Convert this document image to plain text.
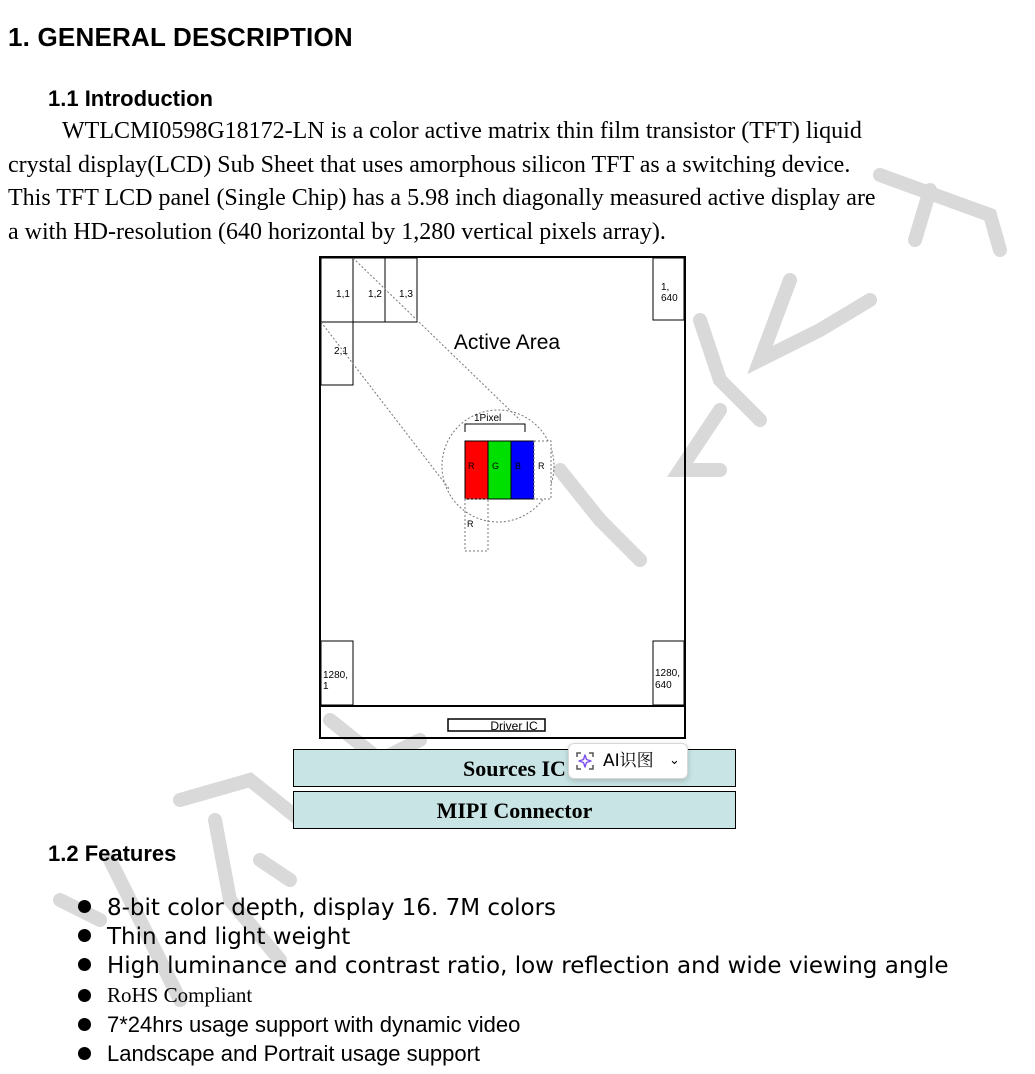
1. GENERAL DESCRIPTION
1.1 Introduction
WTLCMI0598G18172-LN is a color active matrix thin film transistor (TFT) liquid
crystal display(LCD) Sub Sheet that uses amorphous silicon TFT as a switching device.
This TFT LCD panel (Single Chip) has a 5.98 inch diagonally measured active display are
a with HD-resolution (640 horizontal by 1,280 vertical pixels array).
Driver IC
1,1 1,2 1,3
2,1
1,
640
1280,
1
1280,
640
Active Area
1Pixel
R G B R
R
Sources IC
MIPI Connector
AI识图 ⌄
1.2 Features
8-bit color depth, display 16. 7M colors
Thin and light weight
High luminance and contrast ratio, low reflection and wide viewing angle
RoHS Compliant
7*24hrs usage support with dynamic video
Landscape and Portrait usage support
